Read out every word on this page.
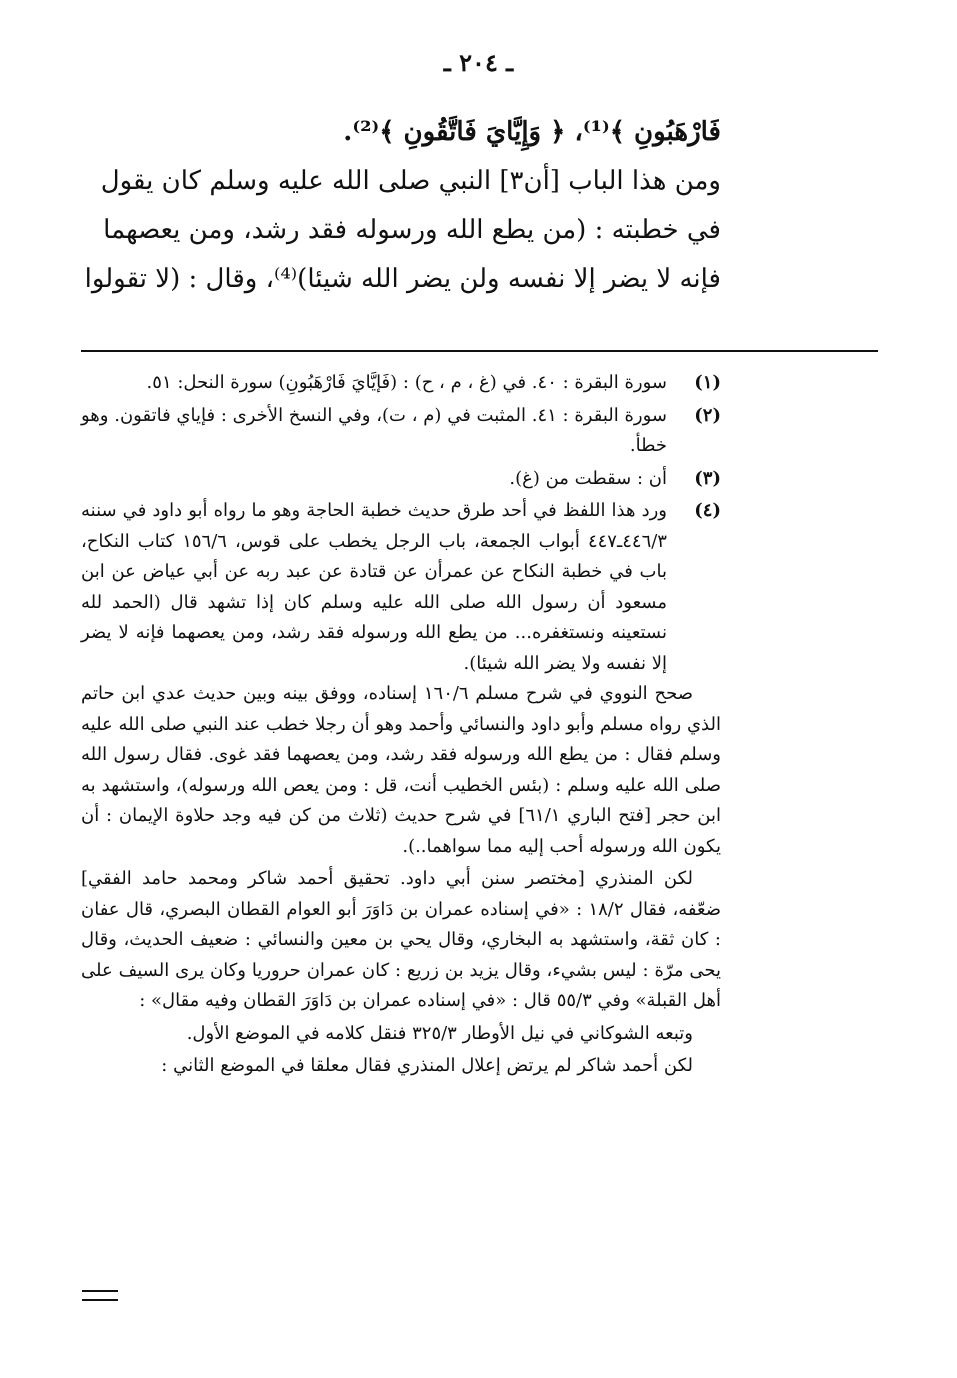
ـ ٢٠٤ ـ

فَارْهَبُونِ ﴾⁽¹⁾، ﴿ وَإِيَّايَ فَاتَّقُونِ ﴾⁽²⁾.

ومن هذا الباب [أن٣] النبي صلى الله عليه وسلم كان يقول

في خطبته : (من يطع الله ورسوله فقد رشد، ومن يعصهما

فإنه لا يضر إلا نفسه ولن يضر الله شيئا)⁽⁴⁾، وقال : (لا تقولوا

(١)
سورة البقرة : ٤٠. في (غ ، م ، ح) : (فَإيَّايَ فَارْهَبُونِ) سورة النحل: ٥١.
(٢)
سورة البقرة : ٤١. المثبت في (م ، ت)، وفي النسخ الأخرى : فإياي فاتقون. وهو خطأ.
(٣)
أن : سقطت من (غ).
(٤)
ورد هذا اللفظ في أحد طرق حديث خطبة الحاجة وهو ما رواه أبو داود في سننه ٤٤٦/٣ـ٤٤٧ أبواب الجمعة، باب الرجل يخطب على قوس، ١٥٦/٦ كتاب النكاح، باب في خطبة النكاح عن عمرأن عن قتادة عن عبد ربه عن أبي عياض عن ابن مسعود أن رسول الله صلى الله عليه وسلم كان إذا تشهد قال (الحمد لله نستعينه ونستغفره... من يطع الله ورسوله فقد رشد، ومن يعصهما فإنه لا يضر إلا نفسه ولا يضر الله شيئا).

صحح النووي في شرح مسلم ١٦٠/٦ إسناده، ووفق بينه وبين حديث عدي ابن حاتم الذي رواه مسلم وأبو داود والنسائي وأحمد وهو أن رجلا خطب عند النبي صلى الله عليه وسلم فقال : من يطع الله ورسوله فقد رشد، ومن يعصهما فقد غوى. فقال رسول الله صلى الله عليه وسلم : (بئس الخطيب أنت، قل : ومن يعص الله ورسوله)، واستشهد به ابن حجر [فتح الباري ٦١/١] في شرح حديث (ثلاث من كن فيه وجد حلاوة الإيمان : أن يكون الله ورسوله أحب إليه مما سواهما..).

لكن المنذري [مختصر سنن أبي داود. تحقيق أحمد شاكر ومحمد حامد الفقي] ضعّفه، فقال ١٨/٢ : «في إسناده عمران بن دَاوَرَ أبو العوام القطان البصري، قال عفان : كان ثقة، واستشهد به البخاري، وقال يحي بن معين والنسائي : ضعيف الحديث، وقال يحى مرّة : ليس بشيء، وقال يزيد بن زريع : كان عمران حروريا وكان يرى السيف على أهل القبلة» وفي ٥٥/٣ قال : «في إسناده عمران بن دَاوَرَ القطان وفيه مقال» :

وتبعه الشوكاني في نيل الأوطار ٣٢٥/٣ فنقل كلامه في الموضع الأول.

لكن أحمد شاكر لم يرتض إعلال المنذري فقال معلقا في الموضع الثاني :
